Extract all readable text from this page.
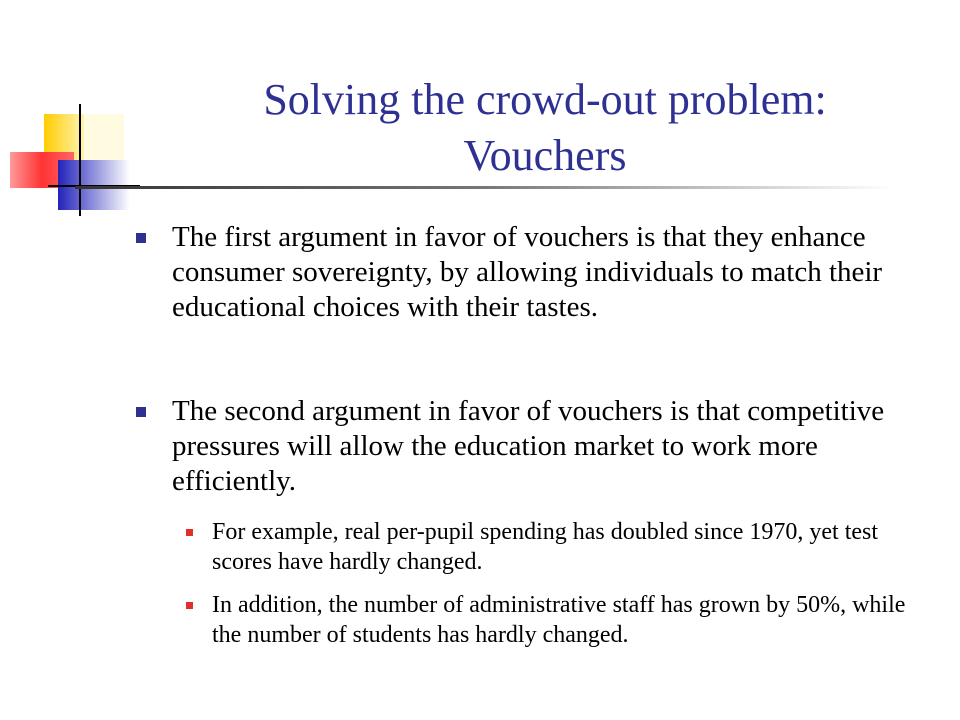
Solving the crowd-out problem:
Vouchers
The first argument in favor of vouchers is that they enhance consumer sovereignty, by allowing individuals to match their educational choices with their tastes.
The second argument in favor of vouchers is that competitive pressures will allow the education market to work more efficiently.
For example, real per-pupil spending has doubled since 1970, yet test scores have hardly changed.
In addition, the number of administrative staff has grown by 50%, while the number of students has hardly changed.
